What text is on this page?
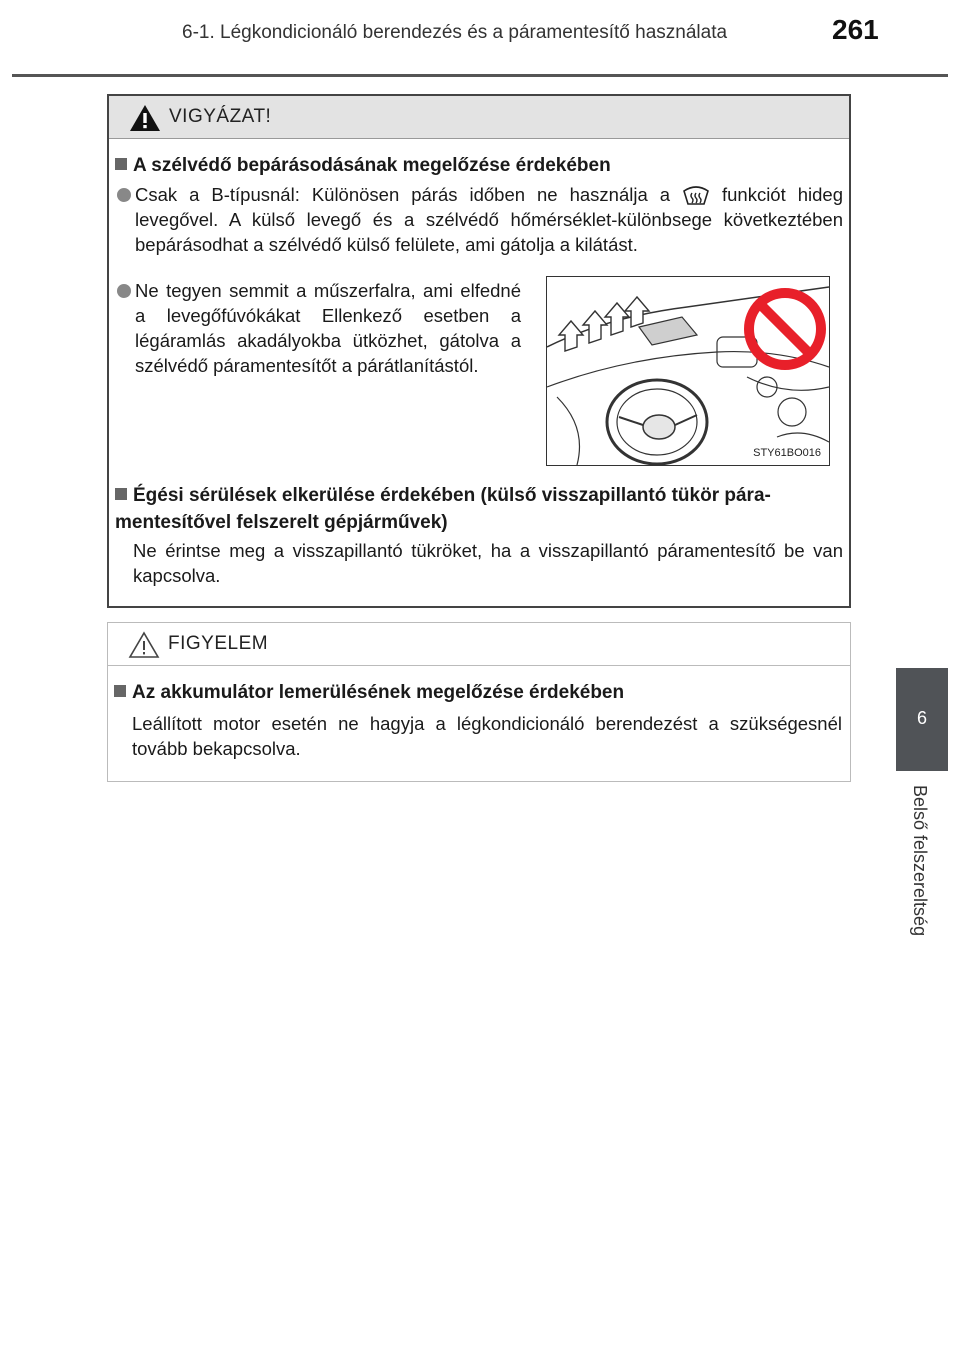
6-1. Légkondicionáló berendezés és a páramentesítő használata	261
6
Belső felszereltség
VIGYÁZAT!
A szélvédő bepárásodásának megelőzése érdekében
Csak a B-típusnál: Különösen párás időben ne használja a	funkciót hideg levegővel. A külső levegő és a szélvédő hőmérséklet-különbsege következtében bepárásodhat a szélvédő külső felülete, ami gátolja a kilátást.
Ne tegyen semmit a műszerfalra, ami elfedné a levegőfúvókákat Ellenkező esetben a légáramlás akadályokba ütközhet, gátolva a szélvédő páramentesítőt a párátlanítástól.
STY61BO016
Égési sérülések elkerülése érdekében (külső visszapillantó tükör páramentesítővel felszerelt gépjárművek)
Ne érintse meg a visszapillantó tükröket, ha a visszapillantó páramentesítő be van kapcsolva.
FIGYELEM
Az akkumulátor lemerülésének megelőzése érdekében
Leállított motor esetén ne hagyja a légkondicionáló berendezést a szükségesnél tovább bekapcsolva.
